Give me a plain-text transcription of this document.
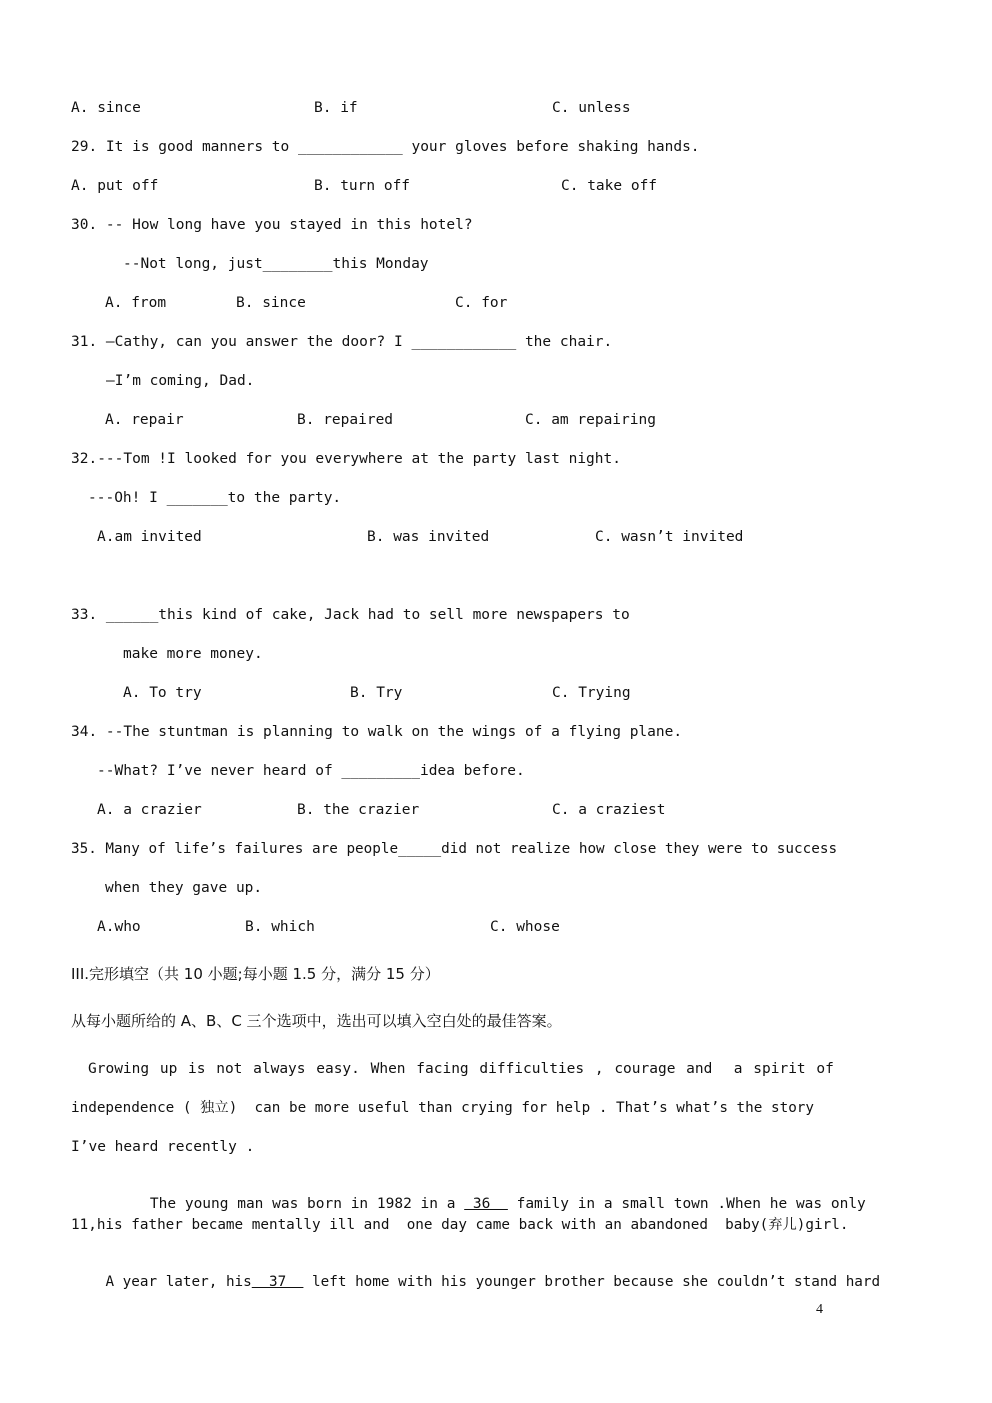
A. since	B. if	C. unless
29. It is good manners to ____________ your gloves before shaking hands.
A. put off	B. turn off	C. take off
30. -- How long have you stayed in this hotel?
--Not long, just________this Monday
A. from	B. since	C. for
31. —Cathy, can you answer the door? I ____________ the chair.
—I’m coming, Dad.
A. repair	B. repaired	C. am repairing
32.---Tom !I looked for you everywhere at the party last night.
---Oh! I _______to the party.
A.am invited	B. was invited	C. wasn’t invited
33. ______this kind of cake, Jack had to sell more newspapers to
make more money.
A. To try	B. Try	C. Trying
34. --The stuntman is planning to walk on the wings of a flying plane.
--What? I’ve never heard of _________idea before.
A. a crazier	B. the crazier	C. a craziest
35. Many of life’s failures are people_____did not realize how close they were to success
when they gave up.
A.who	B. which	C. whose
III.完形填空（共 10 小题;每小题 1.5 分，满分 15 分）
从每小题所给的 A、B、C 三个选项中，选出可以填入空白处的最佳答案。
Growing up is not always easy. When facing difficulties , courage and  a spirit of
independence ( 独立)  can be more useful than crying for help . That’s what’s the story
I’ve heard recently .

The young man was born in 1982 in a  36   family in a small town .When he was only

11,his father became mentally ill and  one day came back with an abandoned  baby(弃儿)girl.

A year later, his  37   left home with his younger brother because she couldn’t stand hard

4
